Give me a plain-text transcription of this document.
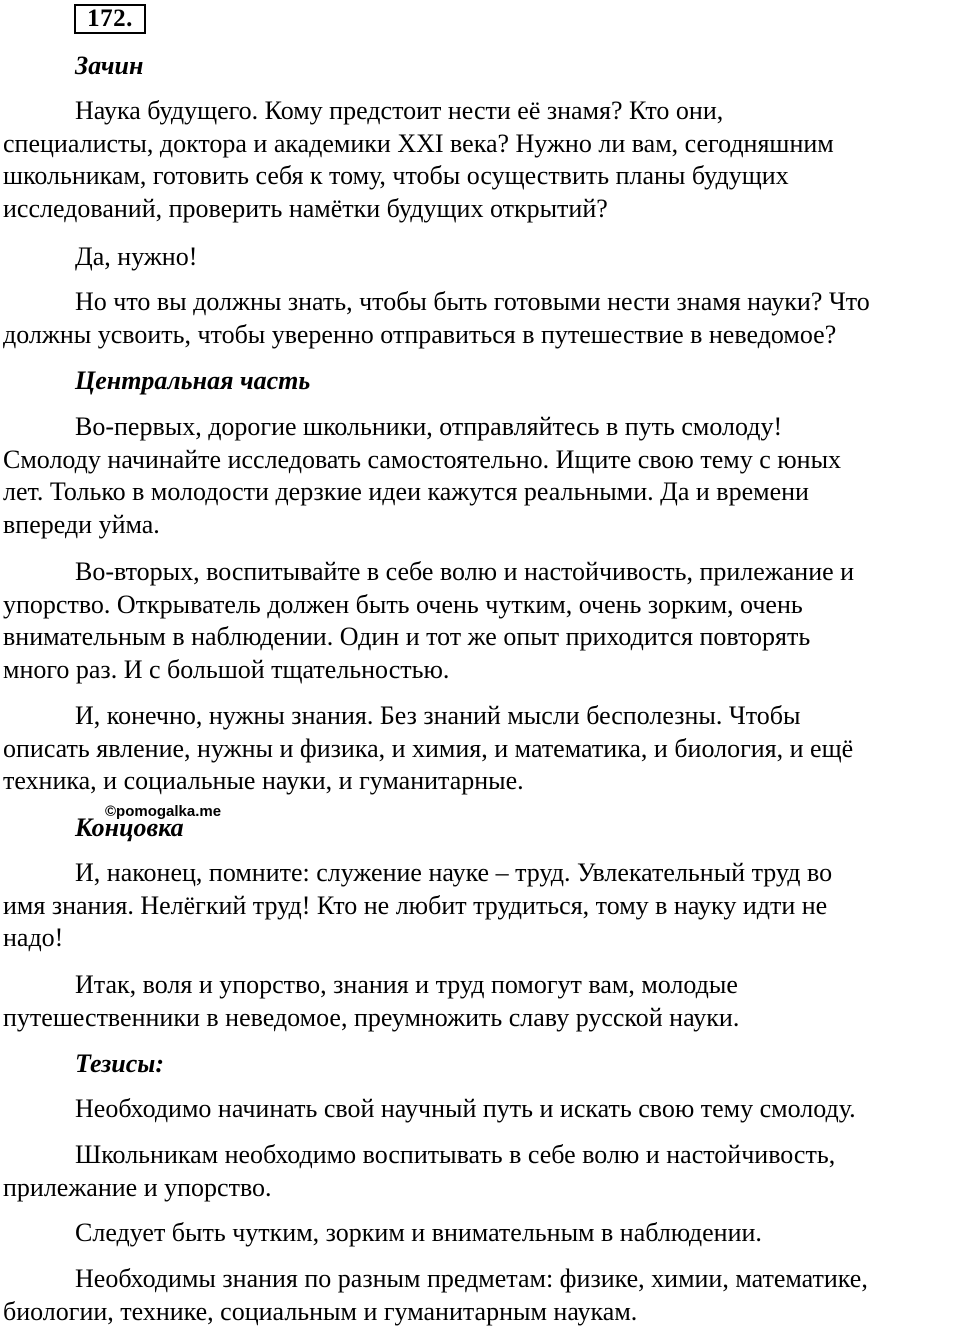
172.
Зачин
Наука будущего. Кому предстоит нести её знамя? Кто они,
специалисты, доктора и академики XXI века? Нужно ли вам, сегодняшним
школьникам, готовить себя к тому, чтобы осуществить планы будущих
исследований, проверить намётки будущих открытий?
Да, нужно!
Но что вы должны знать, чтобы быть готовыми нести знамя науки? Что
должны усвоить, чтобы уверенно отправиться в путешествие в неведомое?
Центральная часть
Во-первых, дорогие школьники, отправляйтесь в путь смолоду!
Смолоду начинайте исследовать самостоятельно. Ищите свою тему с юных
лет. Только в молодости дерзкие идеи кажутся реальными. Да и времени
впереди уйма.
Во-вторых, воспитывайте в себе волю и настойчивость, прилежание и
упорство. Открыватель должен быть очень чутким, очень зорким, очень
внимательным в наблюдении. Один и тот же опыт приходится повторять
много раз. И с большой тщательностью.
И, конечно, нужны знания. Без знаний мысли бесполезны. Чтобы
описать явление, нужны и физика, и химия, и математика, и биология, и ещё
техника, и социальные науки, и гуманитарные.
©pomogalka.me
Концовка
И, наконец, помните: служение науке – труд. Увлекательный труд во
имя знания. Нелёгкий труд! Кто не любит трудиться, тому в науку идти не
надо!
Итак, воля и упорство, знания и труд помогут вам, молодые
путешественники в неведомое, преумножить славу русской науки.
Тезисы:
Необходимо начинать свой научный путь и искать свою тему смолоду.
Школьникам необходимо воспитывать в себе волю и настойчивость,
прилежание и упорство.
Следует быть чутким, зорким и внимательным в наблюдении.
Необходимы знания по разным предметам: физике, химии, математике,
биологии, технике, социальным и гуманитарным наукам.
